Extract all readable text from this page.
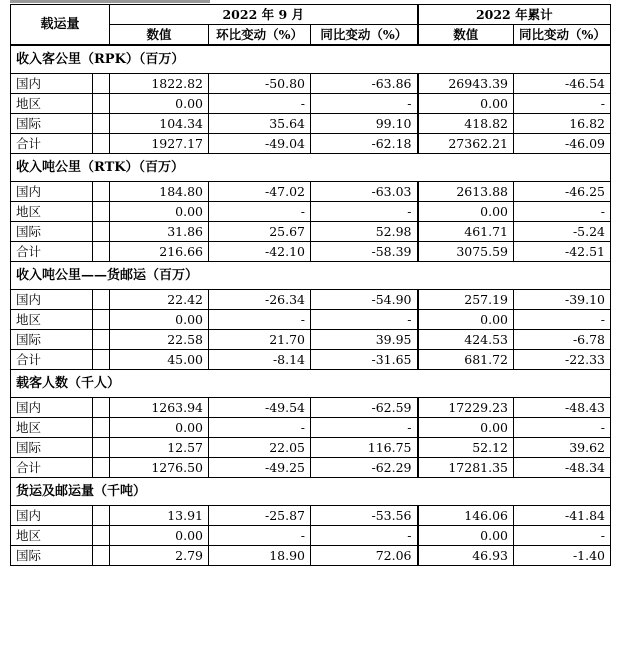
载运量		2022 年 9 月			2022 年累计	
		数值	环比变动（%）	同比变动（%）	数值	同比变动（%）
收入客公里（RPK）（百万）						
国内		1822.82	-50.80	-63.86	26943.39	-46.54
地区		0.00	-	-	0.00	-
国际		104.34	35.64	99.10	418.82	16.82
合计		1927.17	-49.04	-62.18	27362.21	-46.09
收入吨公里（RTK）（百万）						
国内		184.80	-47.02	-63.03	2613.88	-46.25
地区		0.00	-	-	0.00	-
国际		31.86	25.67	52.98	461.71	-5.24
合计		216.66	-42.10	-58.39	3075.59	-42.51
收入吨公里——货邮运（百万）						
国内		22.42	-26.34	-54.90	257.19	-39.10
地区		0.00	-	-	0.00	-
国际		22.58	21.70	39.95	424.53	-6.78
合计		45.00	-8.14	-31.65	681.72	-22.33
载客人数（千人）						
国内		1263.94	-49.54	-62.59	17229.23	-48.43
地区		0.00	-	-	0.00	-
国际		12.57	22.05	116.75	52.12	39.62
合计		1276.50	-49.25	-62.29	17281.35	-48.34
货运及邮运量（千吨）						
国内		13.91	-25.87	-53.56	146.06	-41.84
地区		0.00	-	-	0.00	-
国际		2.79	18.90	72.06	46.93	-1.40
